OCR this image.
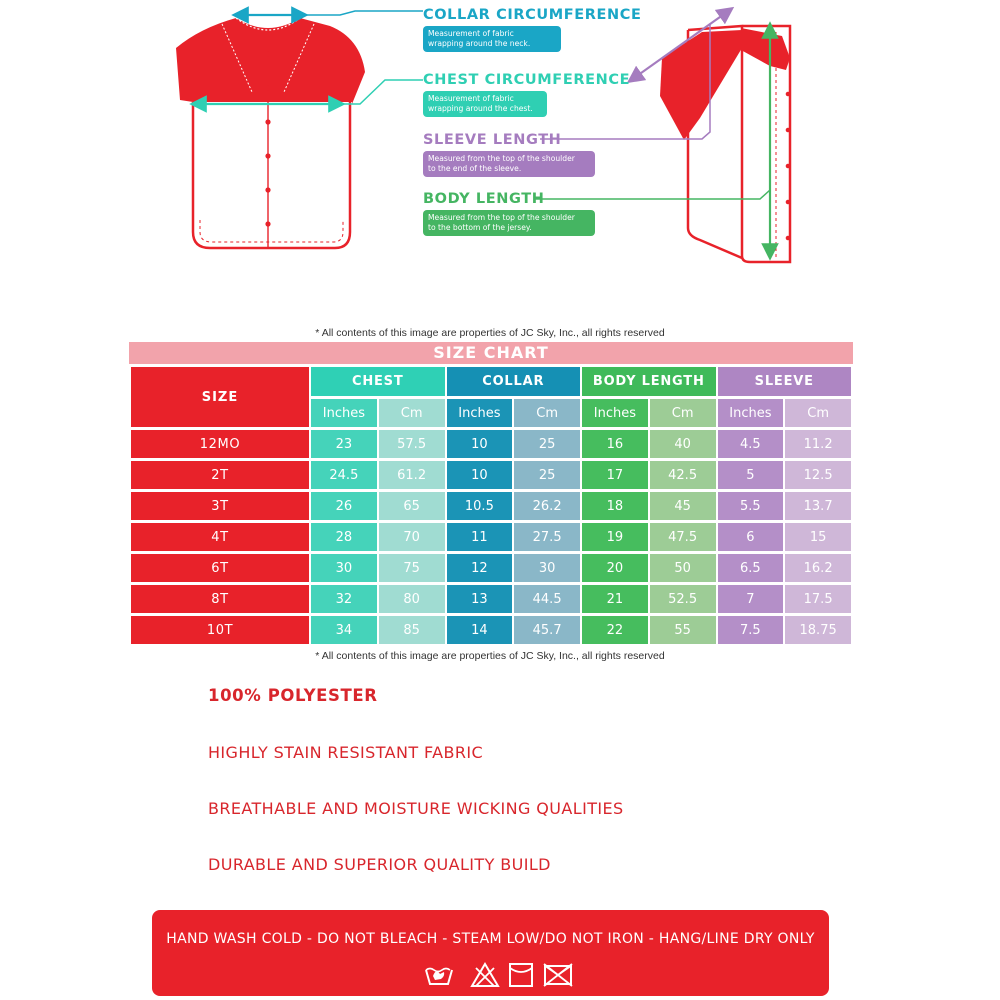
COLLAR CIRCUMFERENCE
Measurement of fabric
wrapping around the neck.
CHEST CIRCUMFERENCE
Measurement of fabric
wrapping around the chest.
SLEEVE LENGTH
Measured from the top of the shoulder
to the end of the sleeve.
BODY LENGTH
Measured from the top of the shoulder
to the bottom of the jersey.
* All contents of this image are properties of JC Sky, Inc., all rights reserved
SIZE CHART
SIZE	CHEST		COLLAR		BODY LENGTH		SLEEVE	
	Inches	Cm	Inches	Cm	Inches	Cm	Inches	Cm
12MO	23	57.5	10	25	16	40	4.5	11.2
2T	24.5	61.2	10	25	17	42.5	5	12.5
3T	26	65	10.5	26.2	18	45	5.5	13.7
4T	28	70	11	27.5	19	47.5	6	15
6T	30	75	12	30	20	50	6.5	16.2
8T	32	80	13	44.5	21	52.5	7	17.5
10T	34	85	14	45.7	22	55	7.5	18.75
* All contents of this image are properties of JC Sky, Inc., all rights reserved
100% POLYESTER
HIGHLY STAIN RESISTANT FABRIC
BREATHABLE AND MOISTURE WICKING QUALITIES
DURABLE AND SUPERIOR QUALITY BUILD
HAND WASH COLD - DO NOT BLEACH - STEAM LOW/DO NOT IRON - HANG/LINE DRY ONLY
